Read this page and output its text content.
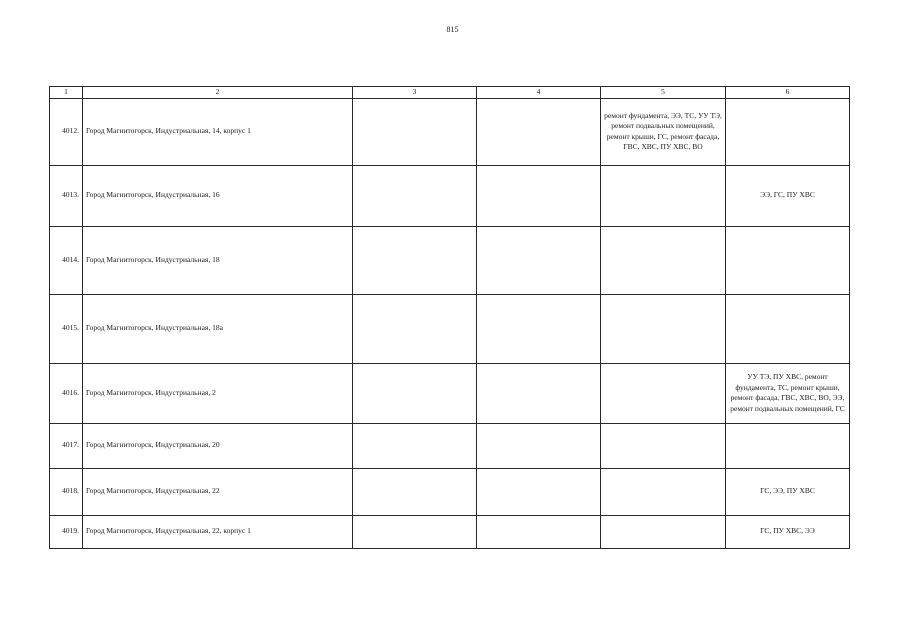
815
1	2	3	4	5	6
4012.	Город Магнитогорск, Индустриальная, 14, корпус 1			ремонт фундамента, ЭЭ, ТС, УУ ТЭ, ремонт подвальных помещений, ремонт крыши, ГС, ремонт фасада, ГВС, ХВС, ПУ ХВС, ВО	
4013.	Город Магнитогорск, Индустриальная, 16				ЭЭ, ГС, ПУ ХВС
4014.	Город Магнитогорск, Индустриальная, 18				
4015.	Город Магнитогорск, Индустриальная, 18а				
4016.	Город Магнитогорск, Индустриальная, 2				УУ ТЭ, ПУ ХВС, ремонт фундамента, ТС, ремонт крыши, ремонт фасада, ГВС, ХВС, ВО, ЭЭ, ремонт подвальных помещений, ГС
4017.	Город Магнитогорск, Индустриальная, 20				
4018.	Город Магнитогорск, Индустриальная, 22				ГС, ЭЭ, ПУ ХВС
4019.	Город Магнитогорск, Индустриальная, 22, корпус 1				ГС, ПУ ХВС, ЭЭ
